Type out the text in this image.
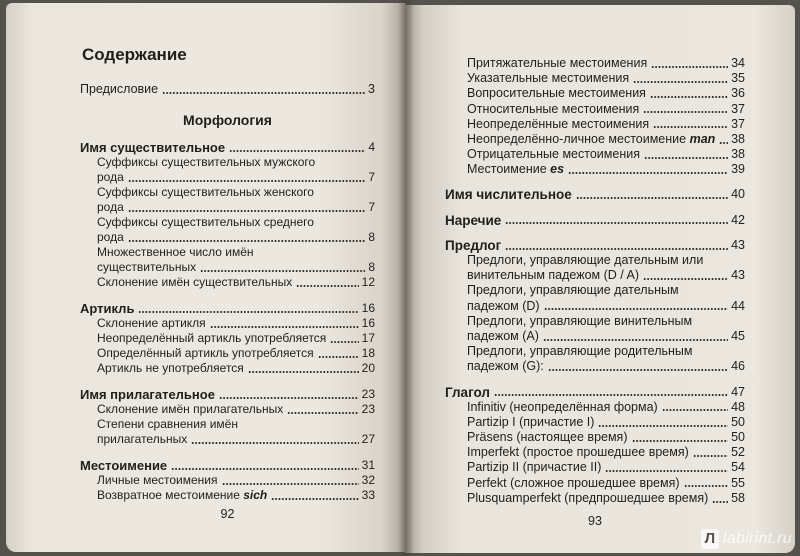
Содержание
Предисловие	3
Морфология
Имя существительное	4
Суффиксы существительных мужского
рода	7
Суффиксы существительных женского
рода	7
Суффиксы существительных среднего
рода	8
Множественное число имён
существительных	8
Склонение имён существительных	12
Артикль	16
Склонение артикля	16
Неопределённый артикль употребляется	17
Определённый артикль употребляется	18
Артикль не употребляется	20
Имя прилагательное	23
Склонение имён прилагательных	23
Степени сравнения имён
прилагательных	27
Местоимение	31
Личные местоимения	32
Возвратное местоимение sich	33
92
Притяжательные местоимения	34
Указательные местоимения	35
Вопросительные местоимения	36
Относительные местоимения	37
Неопределённые местоимения	37
Неопределённо-личное местоимение man 38
Отрицательные местоимения	38
Местоимение es	39
Имя числительное	40
Наречие	42
Предлог	43
Предлоги, управляющие дательным или
винительным падежом (D / A)	43
Предлоги, управляющие дательным
падежом (D)	44
Предлоги, управляющие винительным
падежом (A)	45
Предлоги, управляющие родительным
падежом (G):	46
Глагол	47
Infinitiv (неопределённая форма)	48
Partizip I (причастие I)	50
Präsens (настоящее время)	50
Imperfekt (простое прошедшее время)	52
Partizip II (причастие II)	54
Perfekt (сложное прошедшее время)	55
Plusquamperfekt (предпрошедшее время) 58
93
Л labirint.ru
